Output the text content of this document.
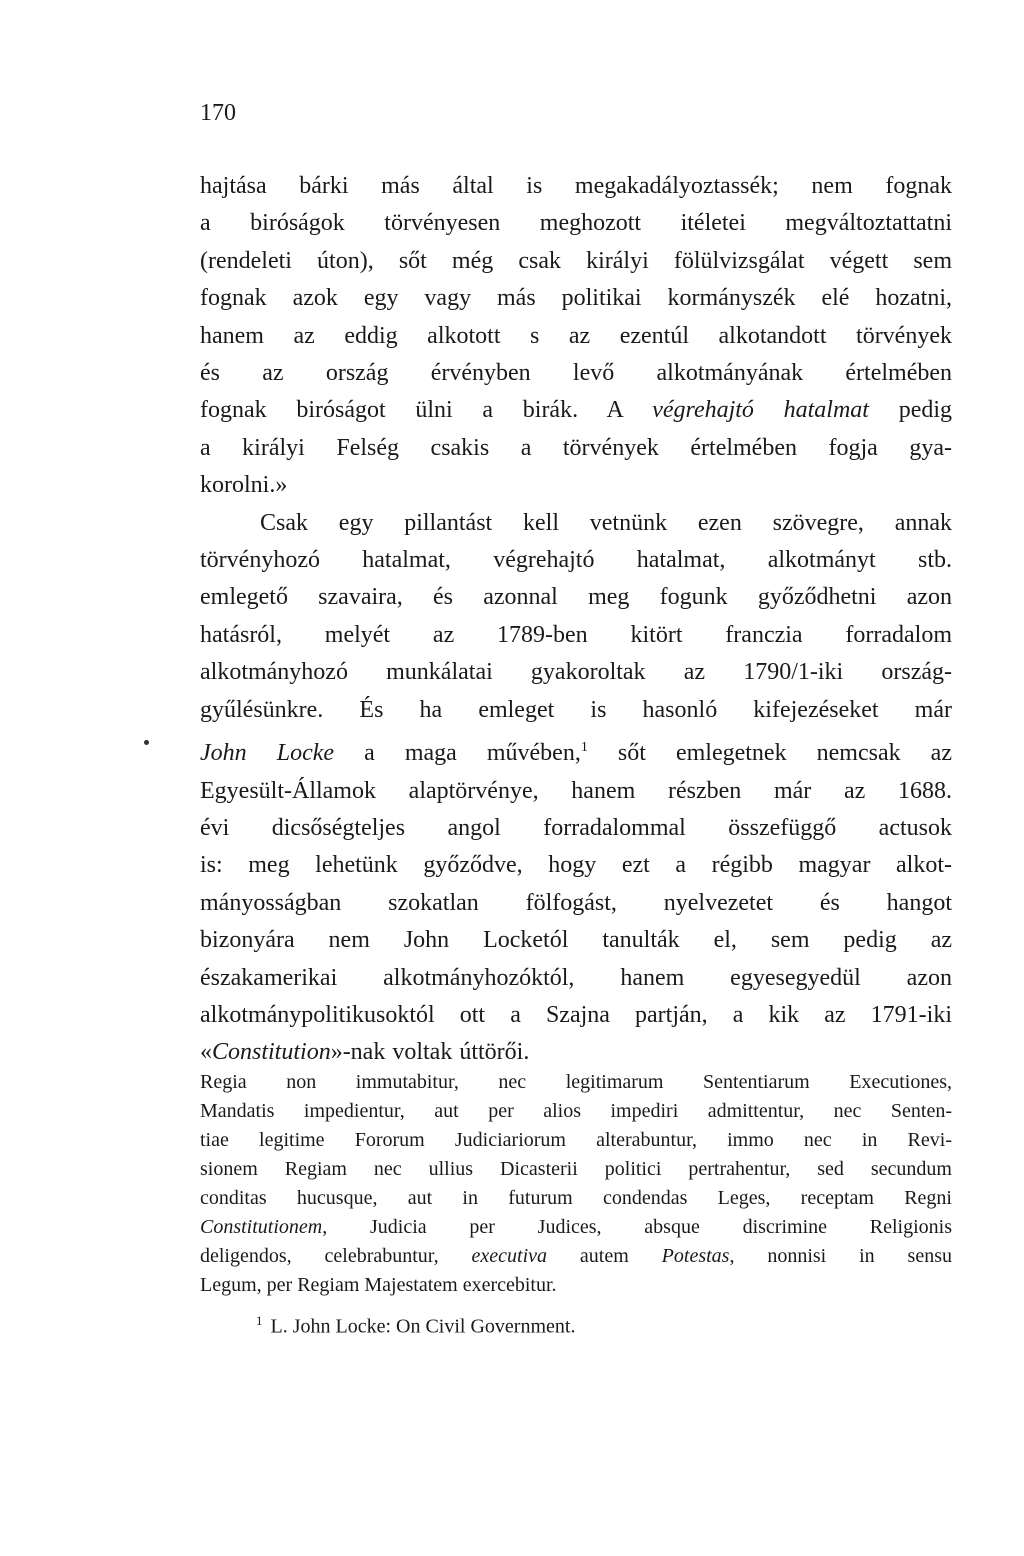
170
hajtása bárki más által is megakadályoztassék; nem fognak
a biróságok törvényesen meghozott itéletei megváltoztattatni
(rendeleti úton), sőt még csak királyi fölülvizsgálat végett sem
fognak azok egy vagy más politikai kormányszék elé hozatni,
hanem az eddig alkotott s az ezentúl alkotandott törvények
és az ország érvényben levő alkotmányának értelmében
fognak biróságot ülni a birák. A végrehajtó hatalmat pedig
a királyi Felség csakis a törvények értelmében fogja gya-
korolni.»
Csak egy pillantást kell vetnünk ezen szövegre, annak
törvényhozó hatalmat, végrehajtó hatalmat, alkotmányt stb.
emlegető szavaira, és azonnal meg fogunk győződhetni azon
hatásról, melyét az 1789-ben kitört franczia forradalom
alkotmányhozó munkálatai gyakoroltak az 1790/1-iki ország-
gyűlésünkre. És ha emleget is hasonló kifejezéseket már
John Locke a maga művében,$^1$ sőt emlegetnek nemcsak az
Egyesült-Államok alaptörvénye, hanem részben már az 1688.
évi dicsőségteljes angol forradalommal összefüggő actusok
is: meg lehetünk győződve, hogy ezt a régibb magyar alkot-
mányosságban szokatlan fölfogást, nyelvezetet és hangot
bizonyára nem John Locketól tanulták el, sem pedig az
északamerikai alkotmányhozóktól, hanem egyesegyedül azon
alkotmánypolitikusoktól ott a Szajna partján, a kik az 1791-iki
«Constitution»-nak voltak úttörői.
Regia non immutabitur, nec legitimarum Sententiarum Executiones,
Mandatis impedientur, aut per alios impediri admittentur, nec Senten-
tiae legitime Fororum Judiciariorum alterabuntur, immo nec in Revi-
sionem Regiam nec ullius Dicasterii politici pertrahentur, sed secundum
conditas hucusque, aut in futurum condendas Leges, receptam Regni
Constitutionem, Judicia per Judices, absque discrimine Religionis
deligendos, celebrabuntur, executiva autem Potestas, nonnisi in sensu
Legum, per Regiam Majestatem exercebitur.
$^1$ L. John Locke: On Civil Government.
